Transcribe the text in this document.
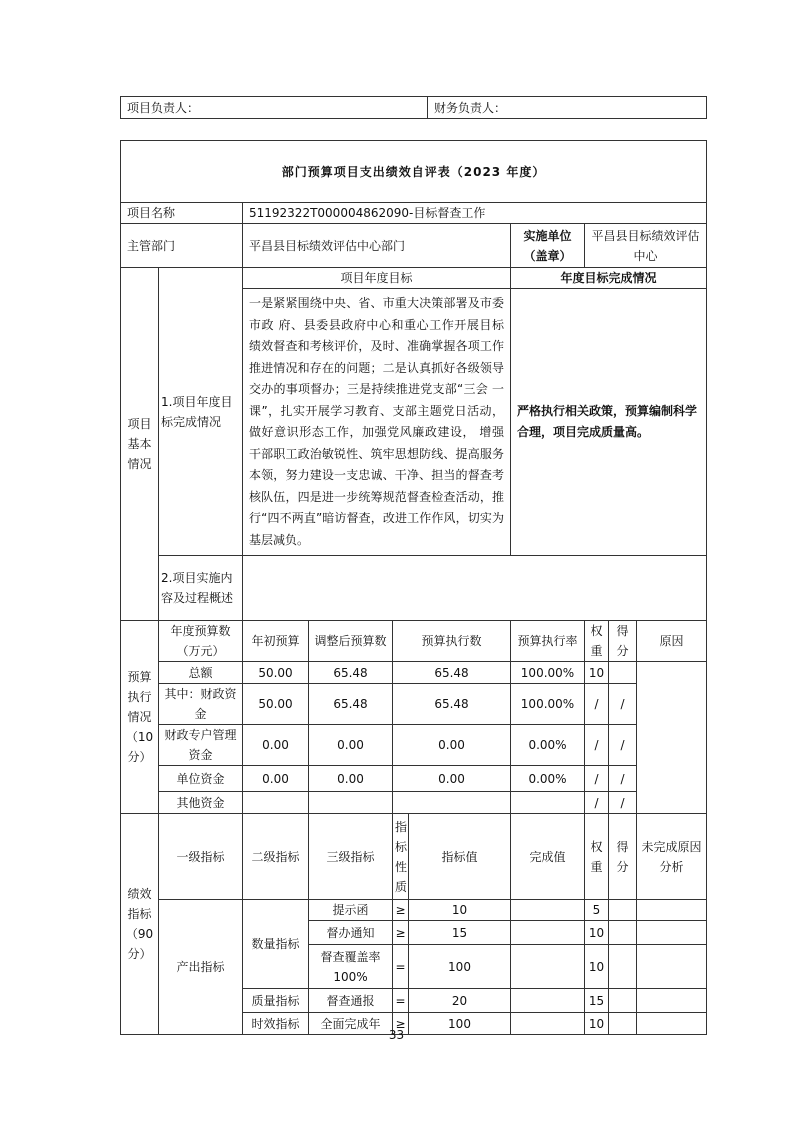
项目负责人：	财务负责人：
部门预算项目支出绩效自评表（2023 年度）									
项目名称		51192322T000004862090-目标督查工作							
主管部门		平昌县目标绩效评估中心部门				实施单位（盖章）	平昌县目标绩效评估中心		
项目基本情况	1.项目年度目标完成情况	项目年度目标				年度目标完成情况			
		一是紧紧围绕中央、省、市重大决策部署及市委市政 府、县委县政府中心和重心工作开展目标绩效督查和考核评价，及时、准确掌握各项工作推进情况和存在的问题；二是认真抓好各级领导交办的事项督办；三是持续推进党支部“三会 一课”，扎实开展学习教育、支部主题党日活动，做好意识形态工作，加强党风廉政建设， 增强干部职工政治敏锐性、筑牢思想防线、提高服务本领，努力建设一支忠诚、干净、担当的督查考核队伍，四是进一步统筹规范督查检查活动，推行“四不两直”暗访督查，改进工作作风，切实为基层减负。				严格执行相关政策，预算编制科学合理，项目完成质量高。			
	2.项目实施内容及过程概述								

预算执行情况（10分）	年度预算数（万元）	年初预算	调整后预算数	预算执行数		预算执行率	权重	得分	原因
	总额	50.00	65.48	65.48		100.00%	10		
	其中：财政资金	50.00	65.48	65.48		100.00%	/	/	
	财政专户管理资金	0.00	0.00	0.00		0.00%	/	/	
	单位资金	0.00	0.00	0.00		0.00%	/	/	
	其他资金						/	/	
绩效指标（90分）	一级指标	二级指标	三级指标	指标性质	指标值	完成值	权重	得分	未完成原因分析
	产出指标	数量指标	提示函	≥	10		5		
			督办通知	≥	15		10		
			督查覆盖率100%	=	100		10		
		质量指标	督查通报	=	20		15		
		时效指标	全面完成年	≥	100		10		
33
